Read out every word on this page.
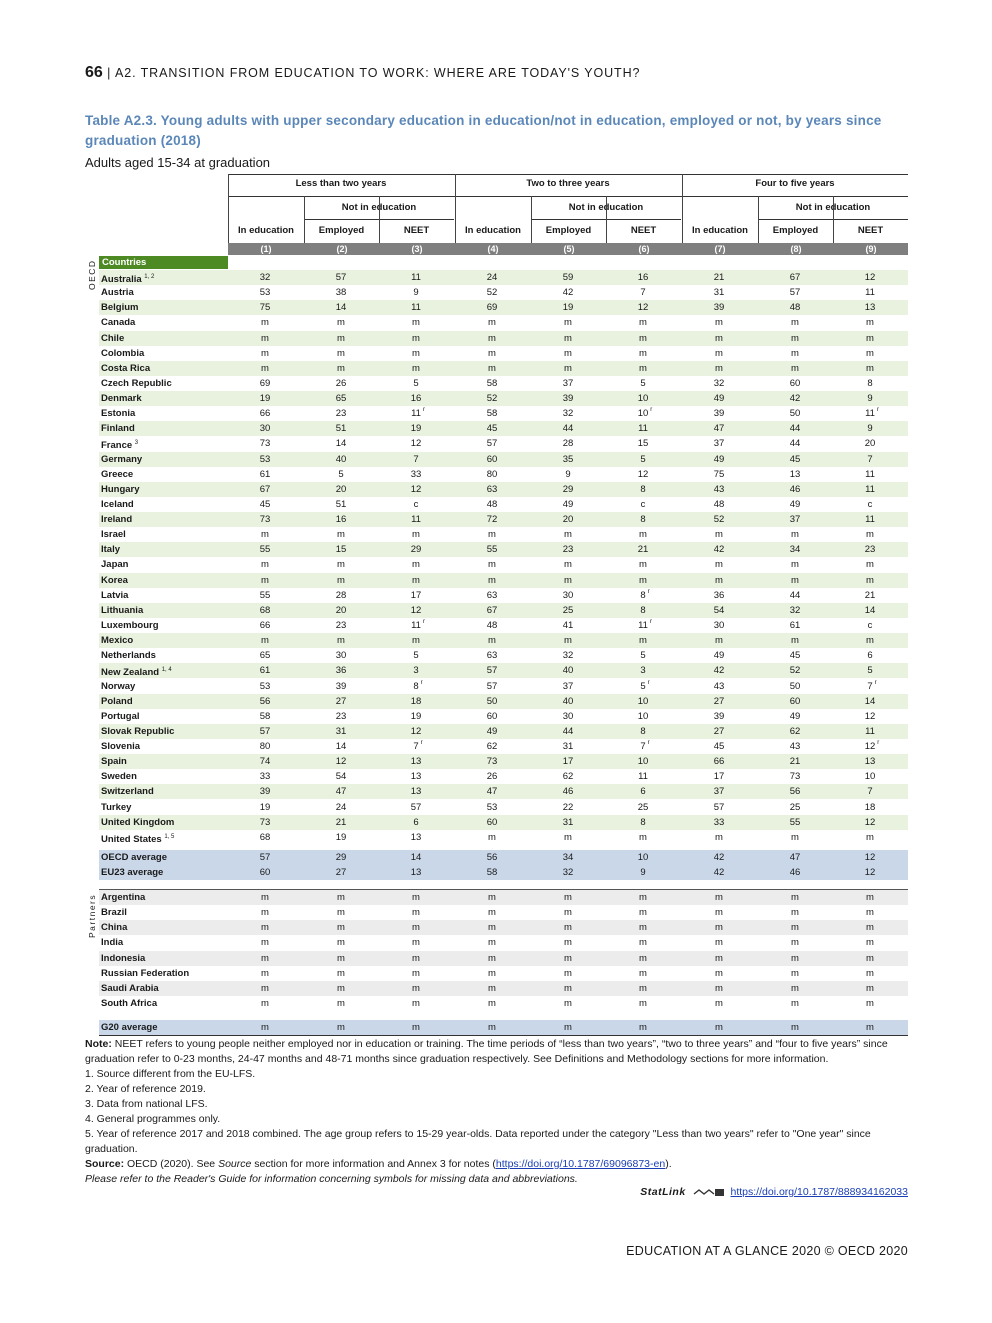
66 | A2. TRANSITION FROM EDUCATION TO WORK: WHERE ARE TODAY'S YOUTH?
Table A2.3. Young adults with upper secondary education in education/not in education, employed or not, by years since graduation (2018)
Adults aged 15-34 at graduation
Less than two years	Two to three years	Four to five years
Not in education	Not in education	Not in education
In education	Employed	NEET	In education	Employed	NEET	In education	Employed	NEET
(1)	(2)	(3)	(4)	(5)	(6)	(7)	(8)	(9)
Countries
OECD
Partners
Australia $^{1, 2}$	32	57	11	24	59	16	21	67	12
Austria	53	38	9	52	42	7	31	57	11
Belgium	75	14	11	69	19	12	39	48	13
Canada	m	m	m	m	m	m	m	m	m
Chile	m	m	m	m	m	m	m	m	m
Colombia	m	m	m	m	m	m	m	m	m
Costa Rica	m	m	m	m	m	m	m	m	m
Czech Republic	69	26	5	58	37	5	32	60	8
Denmark	19	65	16	52	39	10	49	42	9
Estonia	66	23	11 r	58	32	10 r	39	50	11 r
Finland	30	51	19	45	44	11	47	44	9
France $^3$	73	14	12	57	28	15	37	44	20
Germany	53	40	7	60	35	5	49	45	7
Greece	61	5	33	80	9	12	75	13	11
Hungary	67	20	12	63	29	8	43	46	11
Iceland	45	51	c	48	49	c	48	49	c
Ireland	73	16	11	72	20	8	52	37	11
Israel	m	m	m	m	m	m	m	m	m
Italy	55	15	29	55	23	21	42	34	23
Japan	m	m	m	m	m	m	m	m	m
Korea	m	m	m	m	m	m	m	m	m
Latvia	55	28	17	63	30	8 r	36	44	21
Lithuania	68	20	12	67	25	8	54	32	14
Luxembourg	66	23	11 r	48	41	11 r	30	61	c
Mexico	m	m	m	m	m	m	m	m	m
Netherlands	65	30	5	63	32	5	49	45	6
New Zealand $^{1, 4}$	61	36	3	57	40	3	42	52	5
Norway	53	39	8 r	57	37	5 r	43	50	7 r
Poland	56	27	18	50	40	10	27	60	14
Portugal	58	23	19	60	30	10	39	49	12
Slovak Republic	57	31	12	49	44	8	27	62	11
Slovenia	80	14	7 r	62	31	7 r	45	43	12 r
Spain	74	12	13	73	17	10	66	21	13
Sweden	33	54	13	26	62	11	17	73	10
Switzerland	39	47	13	47	46	6	37	56	7
Turkey	19	24	57	53	22	25	57	25	18
United Kingdom	73	21	6	60	31	8	33	55	12
United States $^{1, 5}$	68	19	13	m	m	m	m	m	m
OECD average	57	29	14	56	34	10	42	47	12
EU23 average	60	27	13	58	32	9	42	46	12
Argentina	m	m	m	m	m	m	m	m	m
Brazil	m	m	m	m	m	m	m	m	m
China	m	m	m	m	m	m	m	m	m
India	m	m	m	m	m	m	m	m	m
Indonesia	m	m	m	m	m	m	m	m	m
Russian Federation	m	m	m	m	m	m	m	m	m
Saudi Arabia	m	m	m	m	m	m	m	m	m
South Africa	m	m	m	m	m	m	m	m	m
G20 average	m	m	m	m	m	m	m	m	m

Note: NEET refers to young people neither employed nor in education or training. The time periods of “less than two years”, “two to three years” and “four to five years” since graduation refer to 0-23 months, 24-47 months and 48-71 months since graduation respectively. See Definitions and Methodology sections for more information.

1. Source different from the EU-LFS.

2. Year of reference 2019.

3. Data from national LFS.

4. General programmes only.

5. Year of reference 2017 and 2018 combined. The age group refers to 15-29 year-olds. Data reported under the category "Less than two years" refer to "One year" since graduation.

Source: OECD (2020). See Source section for more information and Annex 3 for notes (https://doi.org/10.1787/69096873-en).

Please refer to the Reader's Guide for information concerning symbols for missing data and abbreviations.

StatLink	https://doi.org/10.1787/888934162033
EDUCATION AT A GLANCE 2020 © OECD 2020
